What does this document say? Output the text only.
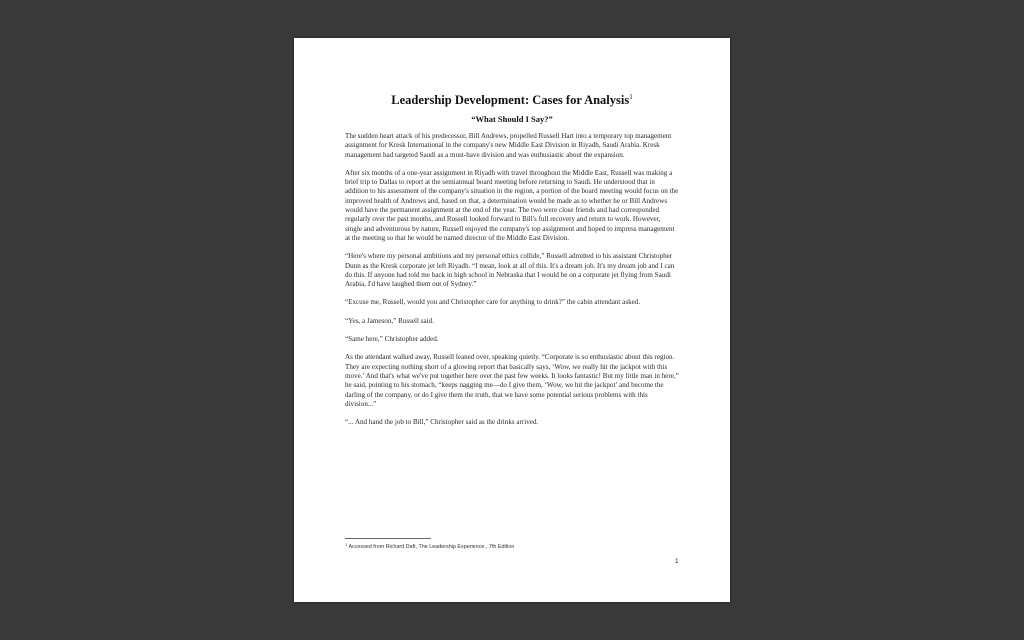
Leadership Development: Cases for Analysis$^1$

“What Should I Say?”

The sudden heart attack of his predecessor, Bill Andrews, propelled Russell Hart into a temporary top management assignment for Kresk International in the company's new Middle East Division in Riyadh, Saudi Arabia. Kresk management had targeted Saudi as a must-have division and was enthusiastic about the expansion.

After six months of a one-year assignment in Riyadh with travel throughout the Middle East, Russell was making a brief trip to Dallas to report at the semiannual board meeting before returning to Saudi. He understood that in addition to his assessment of the company's situation in the region, a portion of the board meeting would focus on the improved health of Andrews and, based on that, a determination would be made as to whether he or Bill Andrews would have the permanent assignment at the end of the year. The two were close friends and had corresponded regularly over the past months, and Russell looked forward to Bill's full recovery and return to work. However, single and adventurous by nature, Russell enjoyed the company's top assignment and hoped to impress management at the meeting so that he would be named director of the Middle East Division.

“Here's where my personal ambitions and my personal ethics collide,” Russell admitted to his assistant Christopher Dunn as the Kresk corporate jet left Riyadh. “I mean, look at all of this. It's a dream job. It's my dream job and I can do this. If anyone had told me back in high school in Nebraska that I would be on a corporate jet flying from Saudi Arabia, I'd have laughed them out of Sydney.”

“Excuse me, Russell, would you and Christopher care for anything to drink?” the cabin attendant asked.

“Yes, a Jameson,” Russell said.

“Same here,” Christopher added.

As the attendant walked away, Russell leaned over, speaking quietly. “Corporate is so enthusiastic about this region. They are expecting nothing short of a glowing report that basically says, ‘Wow, we really hit the jackpot with this move.’ And that's what we've put together here over the past few weeks. It looks fantastic! But my little man in here,” he said, pointing to his stomach, “keeps nagging me—do I give them, ‘Wow, we hit the jackpot’ and become the darling of the company, or do I give them the truth, that we have some potential serious problems with this division...”

“... And hand the job to Bill,” Christopher said as the drinks arrived.

$^1$ Accessed from Richard Daft, The Leadership Experience , 7th Edition
1
